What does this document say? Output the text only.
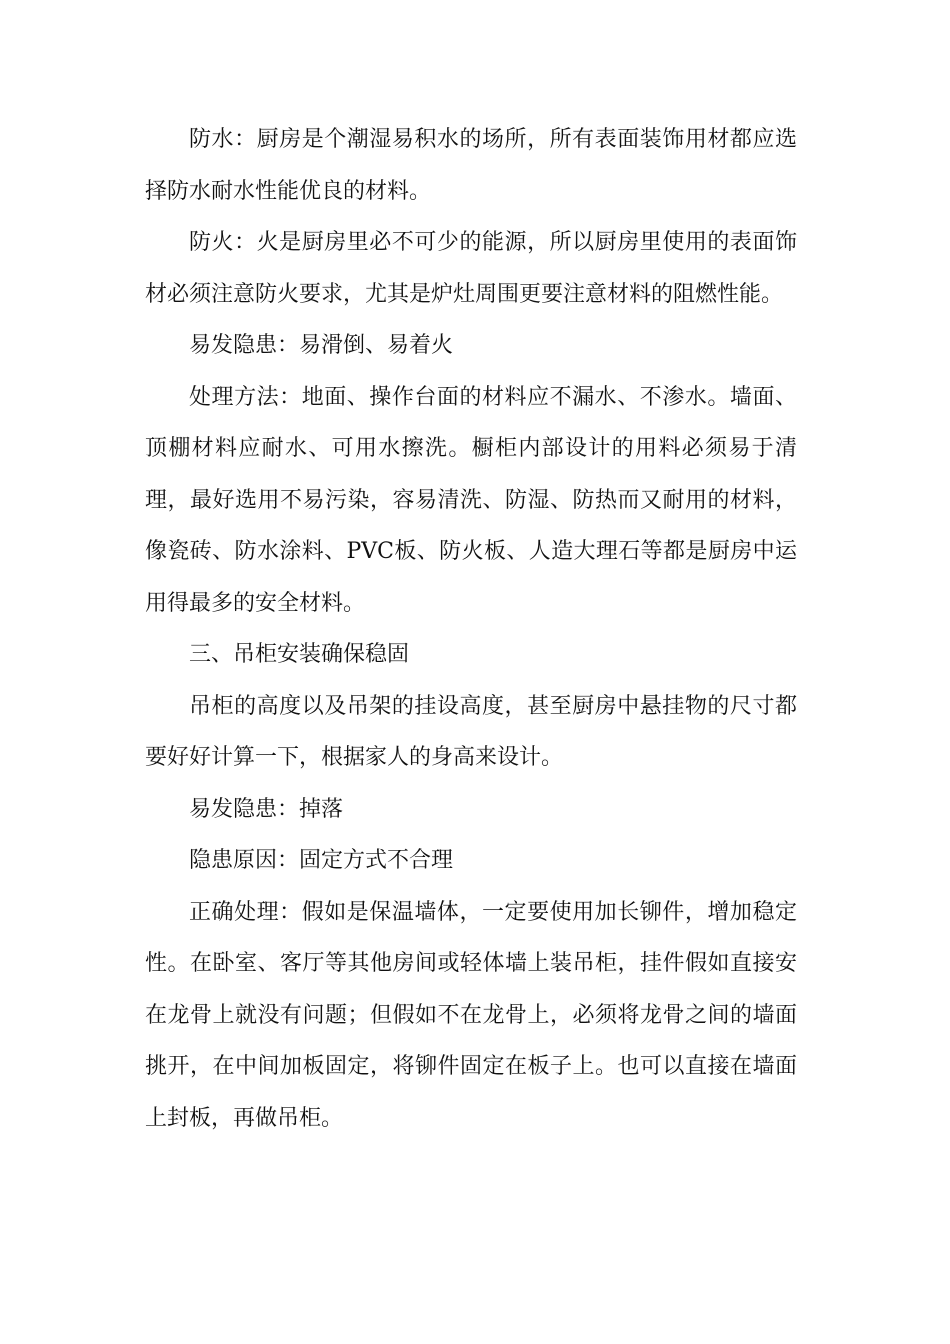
防水：厨房是个潮湿易积水的场所，所有表面装饰用材都应选择防水耐水性能优良的材料。

防火：火是厨房里必不可少的能源，所以厨房里使用的表面饰材必须注意防火要求，尤其是炉灶周围更要注意材料的阻燃性能。

易发隐患：易滑倒、易着火

处理方法：地面、操作台面的材料应不漏水、不渗水。墙面、顶棚材料应耐水、可用水擦洗。橱柜内部设计的用料必须易于清理，最好选用不易污染，容易清洗、防湿、防热而又耐用的材料，像瓷砖、防水涂料、PVC板、防火板、人造大理石等都是厨房中运用得最多的安全材料。

三、吊柜安装确保稳固

吊柜的高度以及吊架的挂设高度，甚至厨房中悬挂物的尺寸都要好好计算一下，根据家人的身高来设计。

易发隐患：掉落

隐患原因：固定方式不合理

正确处理：假如是保温墙体，一定要使用加长铆件，增加稳定性。在卧室、客厅等其他房间或轻体墙上装吊柜，挂件假如直接安在龙骨上就没有问题；但假如不在龙骨上，必须将龙骨之间的墙面挑开，在中间加板固定，将铆件固定在板子上。也可以直接在墙面上封板，再做吊柜。
